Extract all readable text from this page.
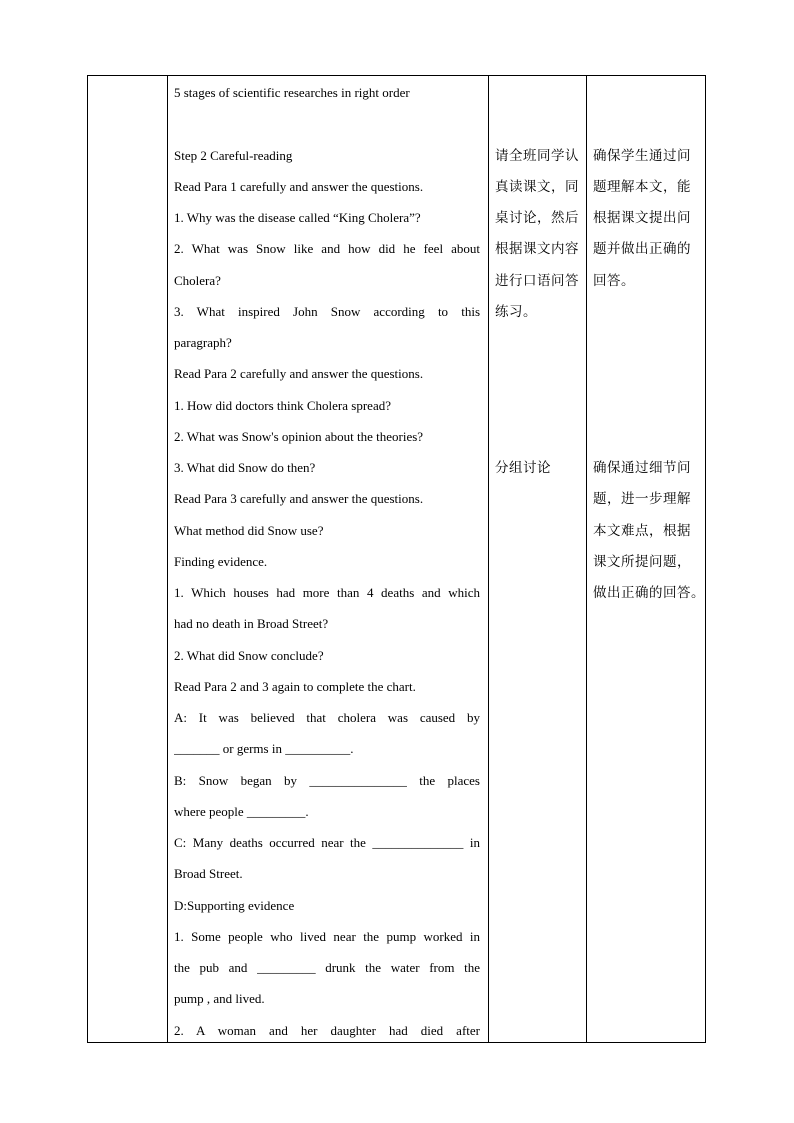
5 stages of scientific researches in right order
Step 2 Careful-reading
Read Para 1 carefully and answer the questions.
1. Why was the disease called “King Cholera”?
2. What was Snow like and how did he feel about
Cholera?
3. What inspired John Snow according to this
paragraph?
Read Para 2 carefully and answer the questions.
1. How did doctors think Cholera spread?
2. What was Snow's opinion about the theories?
3. What did Snow do then?
Read Para 3 carefully and answer the questions.
What method did Snow use?
Finding evidence.
1. Which houses had more than 4 deaths and which
had no death in Broad Street?
2. What did Snow conclude?
Read Para 2 and 3 again to complete the chart.
A: It was believed that cholera was caused by
_______ or germs in __________.
B: Snow began by _______________ the places
where people _________.
C: Many deaths occurred near the ______________ in
Broad Street.
D:Supporting evidence
1. Some people who lived near the pump worked in
the pub and _________ drunk the water from the
pump , and lived.
2. A woman and her daughter had died after
请全班同学认
真读课文，同
桌讨论，然后
根据课文内容
进行口语问答
练习。
分组讨论
确保学生通过问
题理解本文，能
根据课文提出问
题并做出正确的
回答。
确保通过细节问
题，进一步理解
本文难点，根据
课文所提问题，
做出正确的回答。
